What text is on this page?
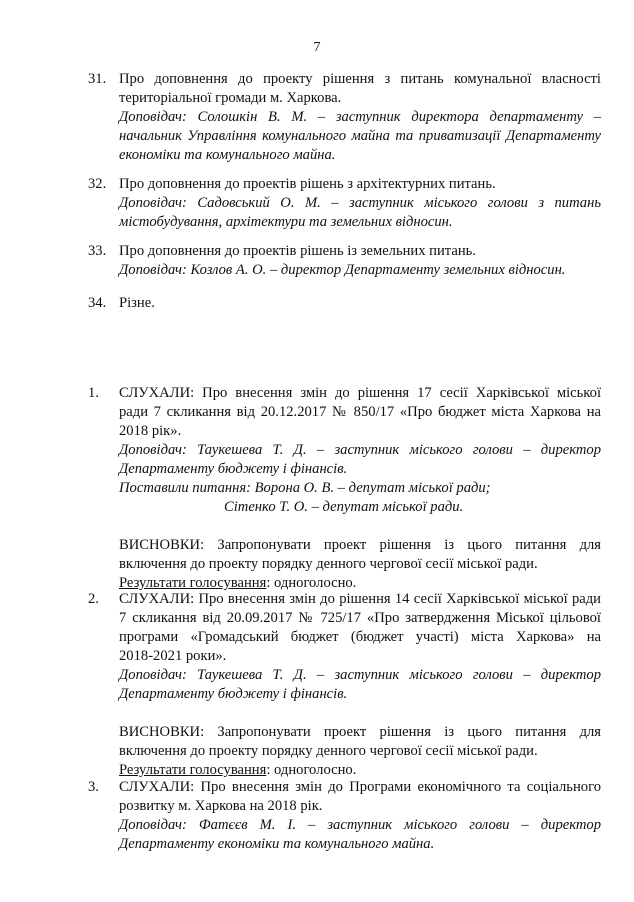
7
31. Про доповнення до проекту рішення з питань комунальної власності
територіальної громади м. Харкова.
Доповідач: Солошкін В. М. – заступник директора департаменту –
начальник Управління комунального майна та приватизації Департаменту
економіки та комунального майна.
32. Про доповнення до проектів рішень з архітектурних питань.
Доповідач: Садовський О. М. – заступник міського голови з питань
містобудування, архітектури та земельних відносин.
33. Про доповнення до проектів рішень із земельних питань.
Доповідач: Козлов А. О. – директор Департаменту земельних відносин.
34. Різне.
1. СЛУХАЛИ: Про внесення змін до рішення 17 сесії Харківської міської
ради 7 скликання від 20.12.2017 № 850/17 «Про бюджет міста Харкова на
2018 рік».
Доповідач: Таукешева Т. Д. – заступник міського голови – директор
Департаменту бюджету і фінансів.
Поставили питання: Ворона О. В. – депутат міської ради;
Сітенко Т. О. – депутат міської ради.
ВИСНОВКИ: Запропонувати проект рішення із цього питання для
включення до проекту порядку денного чергової сесії міської ради.
Результати голосування: одноголосно.
2. СЛУХАЛИ: Про внесення змін до рішення 14 сесії Харківської міської ради
7 скликання від 20.09.2017 № 725/17 «Про затвердження Міської цільової
програми «Громадський бюджет (бюджет участі) міста Харкова» на
2018-2021 роки».
Доповідач: Таукешева Т. Д. – заступник міського голови – директор
Департаменту бюджету і фінансів.
ВИСНОВКИ: Запропонувати проект рішення із цього питання для
включення до проекту порядку денного чергової сесії міської ради.
Результати голосування: одноголосно.
3. СЛУХАЛИ: Про внесення змін до Програми економічного та соціального
розвитку м. Харкова на 2018 рік.
Доповідач: Фатєєв М. І. – заступник міського голови – директор
Департаменту економіки та комунального майна.
